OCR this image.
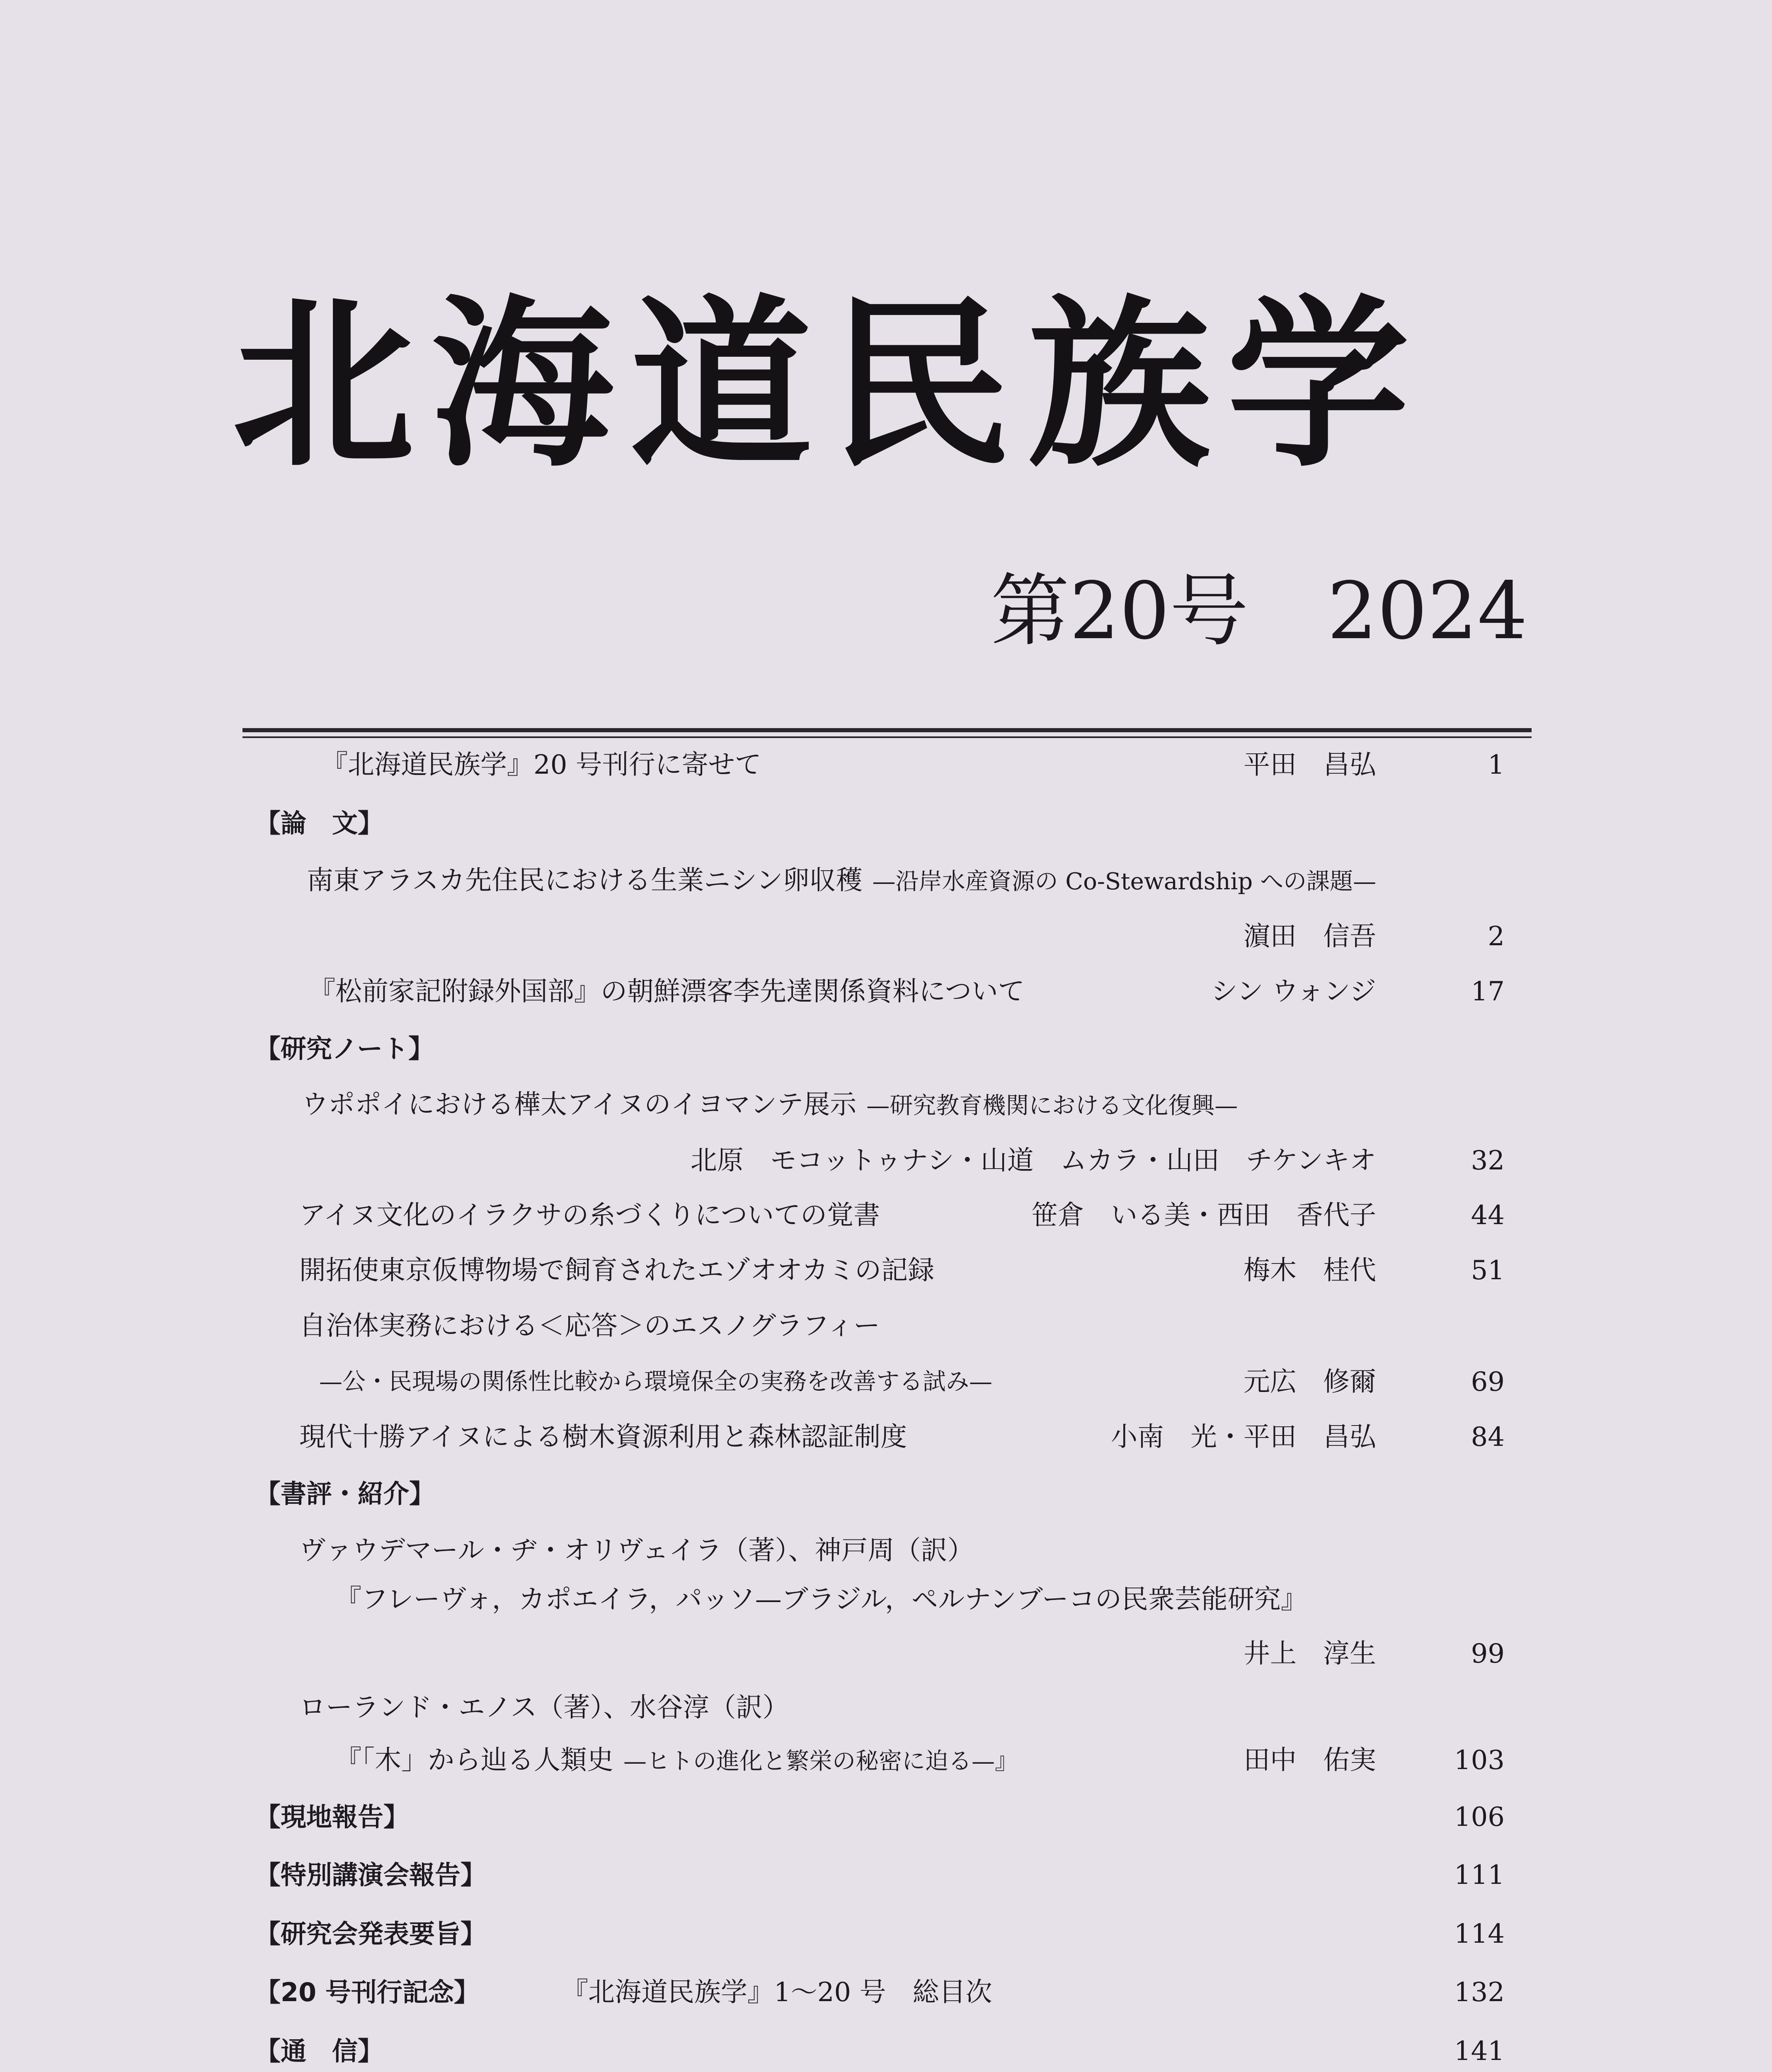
北海道民族学
第20号 2024
『北海道民族学』20 号刊行に寄せて	平田　昌弘	1
【論　文】
南東アラスカ先住民における生業ニシン卵収穫 —沿岸水産資源の Co-Stewardship への課題—
濵田　信吾	2
『松前家記附録外国部』の朝鮮漂客李先達関係資料について	シン ウォンジ	17
【研究ノート】
ウポポイにおける樺太アイヌのイヨマンテ展示 —研究教育機関における文化復興—
北原　モコットゥナシ・山道　ムカラ・山田　チケンキオ	32
アイヌ文化のイラクサの糸づくりについての覚書	笹倉　いる美・西田　香代子	44
開拓使東京仮博物場で飼育されたエゾオオカミの記録	梅木　桂代	51
自治体実務における＜応答＞のエスノグラフィー
—公・民現場の関係性比較から環境保全の実務を改善する試み—	元広　修爾	69
現代十勝アイヌによる樹木資源利用と森林認証制度	小南　光・平田　昌弘	84
【書評・紹介】
ヴァウデマール・ヂ・オリヴェイラ（著）、神戸周（訳）
『フレーヴォ，カポエイラ，パッソ—ブラジル，ペルナンブーコの民衆芸能研究』
井上　淳生	99
ローランド・エノス（著）、水谷淳（訳）
『「木」から辿る人類史 —ヒトの進化と繁栄の秘密に迫る—』	田中　佑実	103
【現地報告】	106
【特別講演会報告】	111
【研究会発表要旨】	114
【20 号刊行記念】	『北海道民族学』1〜20 号　総目次	132
【通　信】	141
